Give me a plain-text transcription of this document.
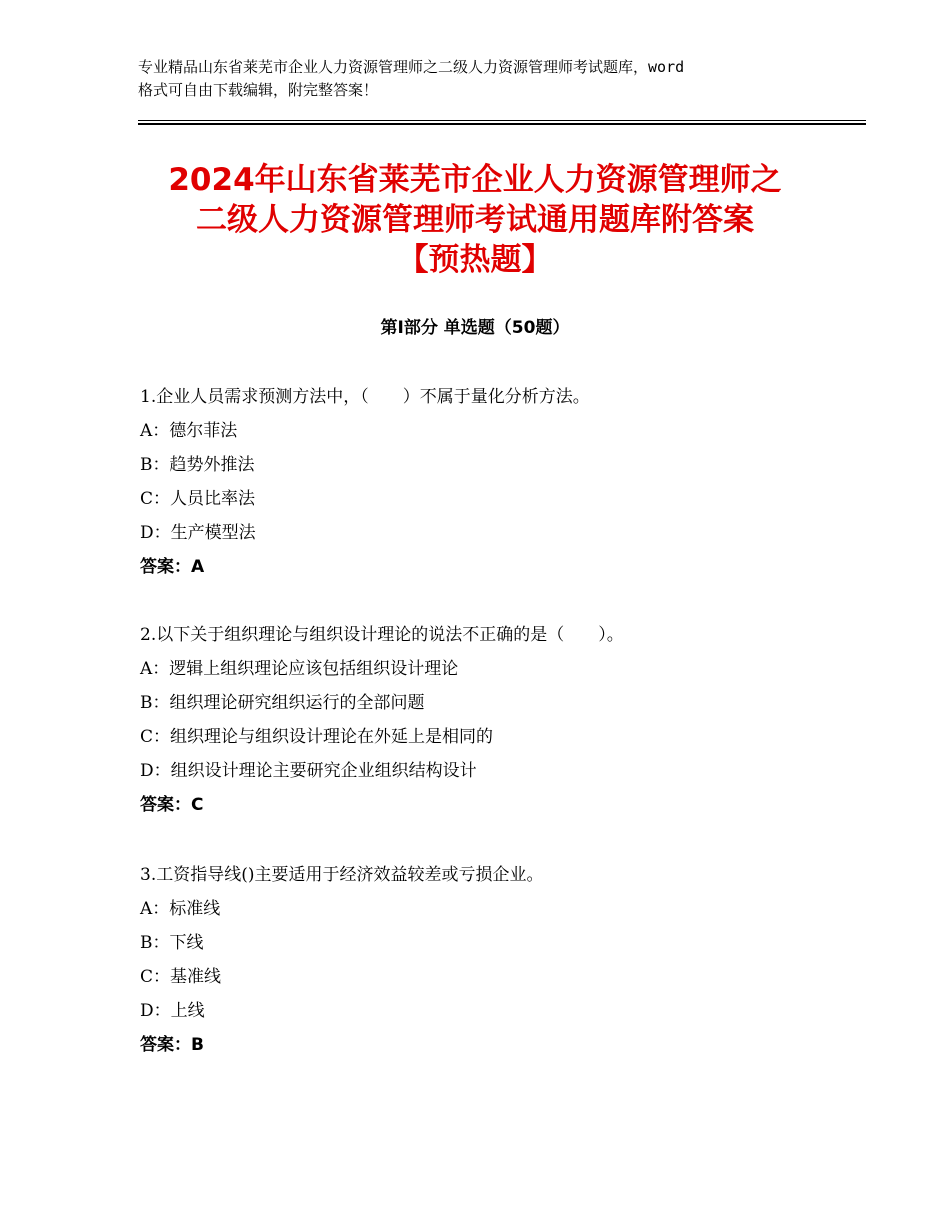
专业精品山东省莱芜市企业人力资源管理师之二级人力资源管理师考试题库，word
格式可自由下载编辑，附完整答案！
2024年山东省莱芜市企业人力资源管理师之
二级人力资源管理师考试通用题库附答案
【预热题】
第Ⅰ部分 单选题（50题）
1.企业人员需求预测方法中，（　　）不属于量化分析方法。
A：德尔菲法
B：趋势外推法
C：人员比率法
D：生产模型法
答案：A
2.以下关于组织理论与组织设计理论的说法不正确的是（　　）。
A：逻辑上组织理论应该包括组织设计理论
B：组织理论研究组织运行的全部问题
C：组织理论与组织设计理论在外延上是相同的
D：组织设计理论主要研究企业组织结构设计
答案：C
3.工资指导线()主要适用于经济效益较差或亏损企业。
A：标准线
B：下线
C：基准线
D：上线
答案：B
